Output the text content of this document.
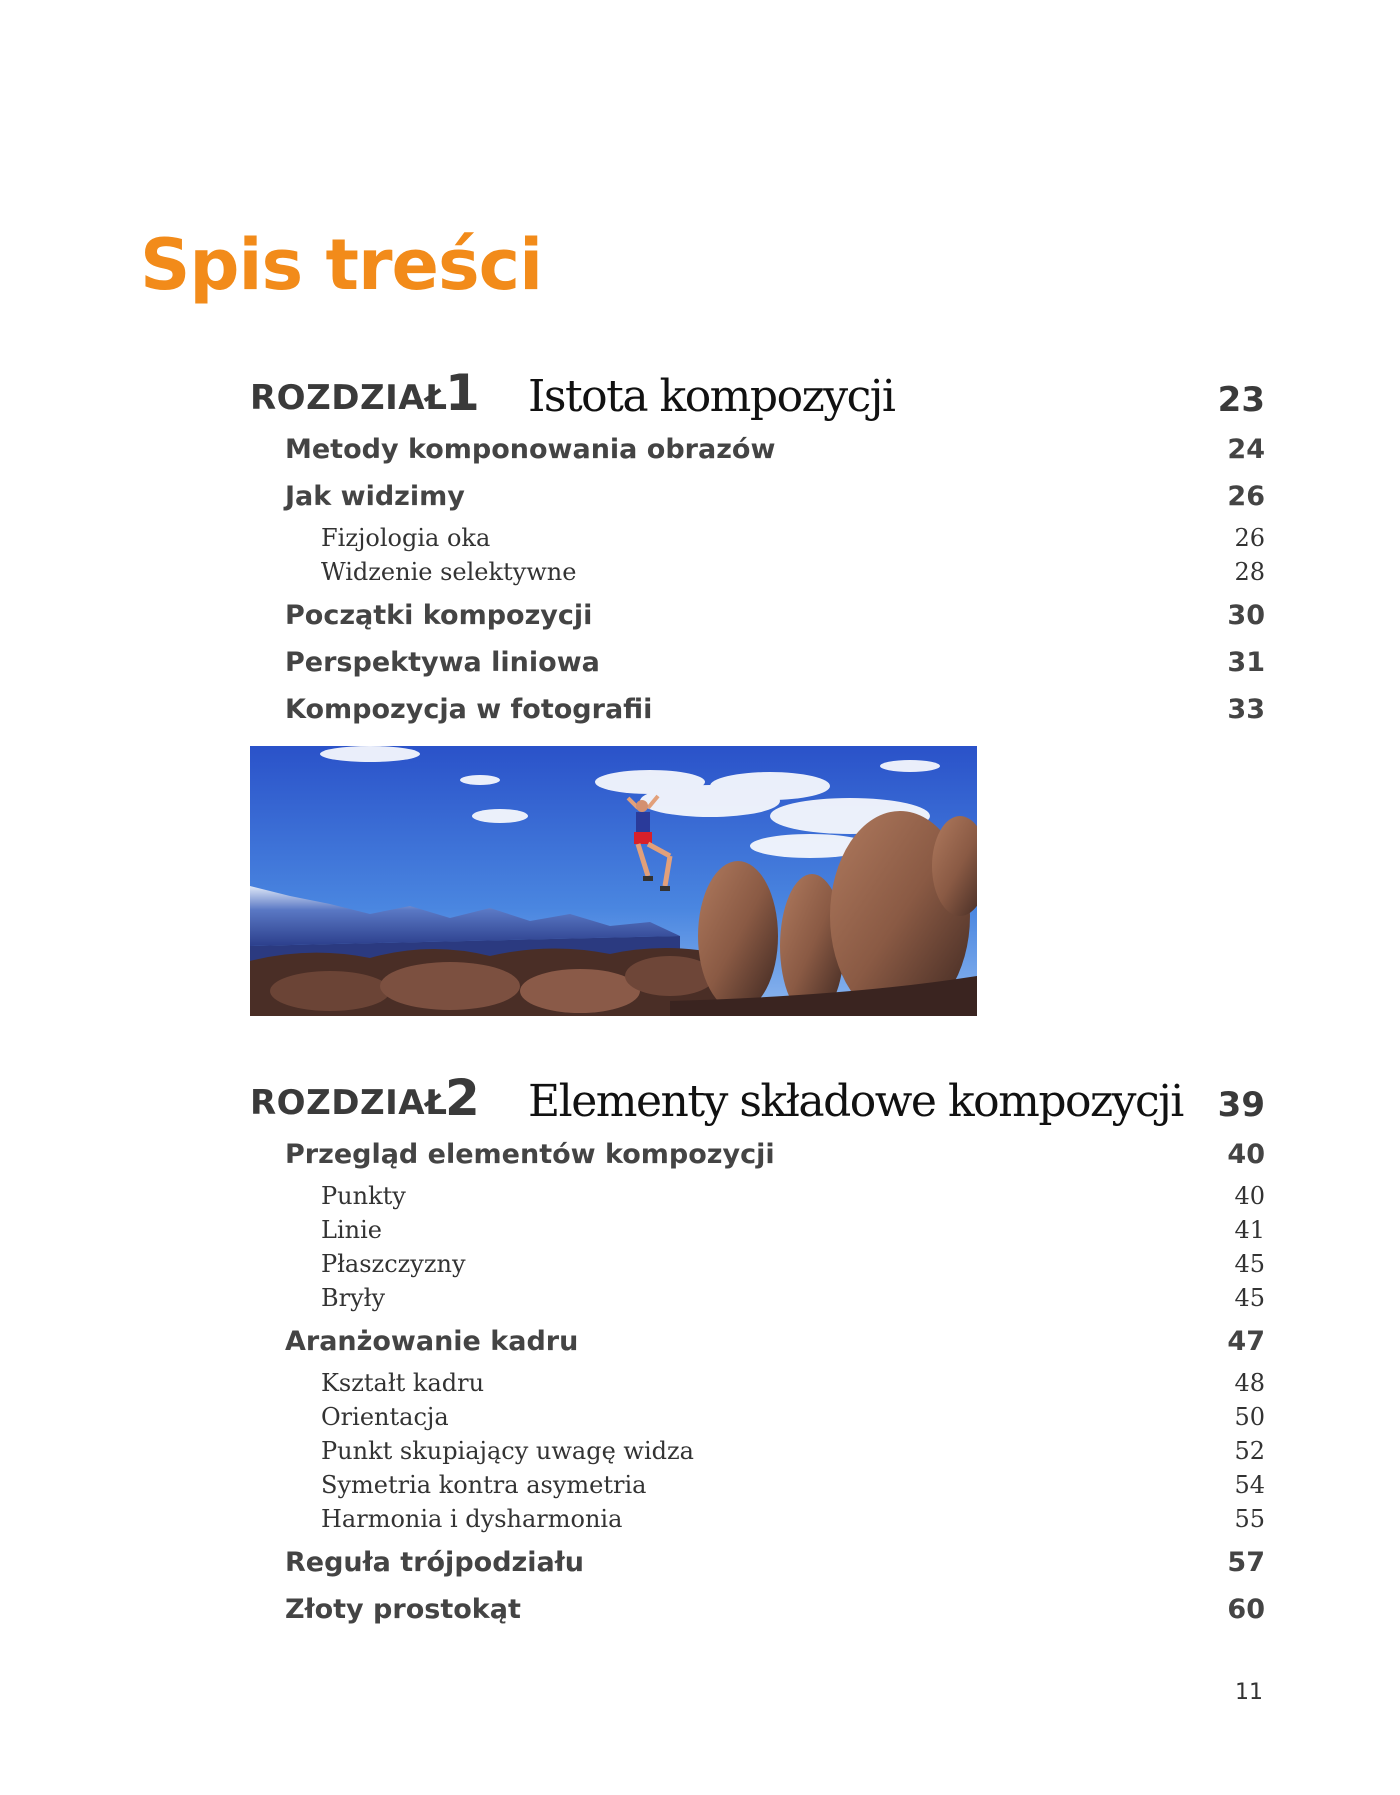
Spis treści
ROZDZIAŁ
1 Istota kompozycji	23
Metody komponowania obrazów	24
Jak widzimy	26
Fizjologia oka	26
Widzenie selektywne	28
Początki kompozycji	30
Perspektywa liniowa	31
Kompozycja w fotografii	33
ROZDZIAŁ
2 Elementy składowe kompozycji 39
Przegląd elementów kompozycji	40
Punkty	40
Linie	41
Płaszczyzny	45
Bryły	45
Aranżowanie kadru	47
Kształt kadru	48
Orientacja	50
Punkt skupiający uwagę widza	52
Symetria kontra asymetria	54
Harmonia i dysharmonia	55
Reguła trójpodziału	57
Złoty prostokąt	60
11
